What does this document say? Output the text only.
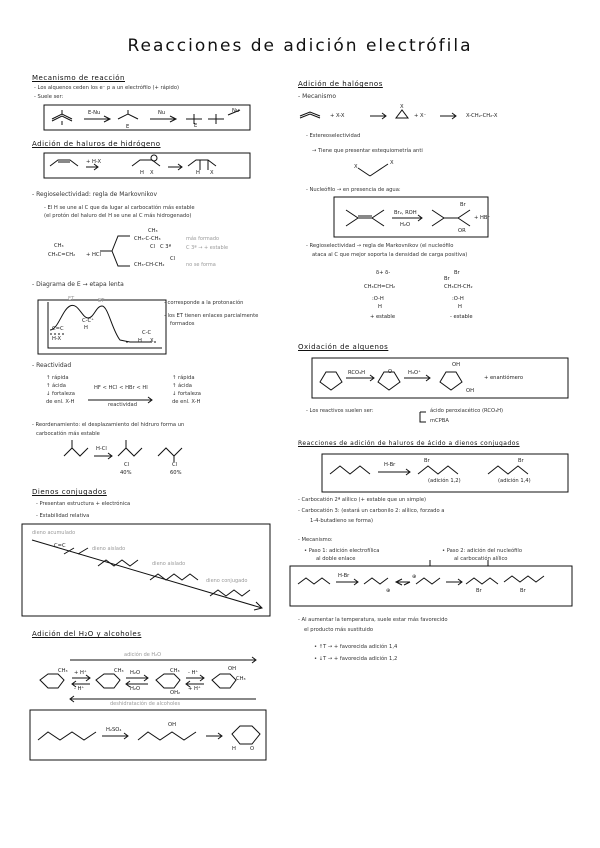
Reacciones de adición electrófila
Mecanismo de reacción
- Los alquenos ceden los e⁻ p a un electrófilo (+ rápido)
- Suele ser:
E-Nu	Nu
E	E
Nu
Adición de haluros de hidrógeno
+ H-X
X
H	H X
- Regioselectividad: regla de Markovnikov
- El H se une al C que da lugar al carbocatión más estable
(el protón del haluro del H se une al C más hidrogenado)
CH₃
CH₃C=CH₂ + HCl
CH₃
CH₃-C-CH₃
C 3ª
Cl
CH₃-CH-CH₂
Cl
más formado
C 3ª → + estable
no se forma
- Diagrama de E → etapa lenta
ET	ET
C-C⁺
H
C=C
H-X
C-C
H X
- corresponde a la protonación
- los ET tienen enlaces parcialmente
formados
- Reactividad
↑ rápida
↑ ácida
↓ fortaleza
de enl. X-H
HF < HCl < HBr < HI
reactividad
↑ rápida
↑ ácida
↓ fortaleza
de enl. X-H
- Reordenamiento: el desplazamiento del hidruro forma un
carbocatión más estable
H-Cl
Cl	Cl
40%	60%
Dienos conjugados
- Presentan estructura + electrónica
- Estabilidad relativa
dieno acumulado
C=C	dieno aislado
dieno aislado
dieno conjugado
Adición del H₂O y alcoholes
adición de H₂O
deshidratación de alcoholes
CH₃ + H⁺
- H⁺
CH₃ H₂O
H₂O
CH₃
OH₂
- H⁺
+ H⁺
OH
CH₃
H₂SO₄
OH
H	O
Adición de halógenos
- Mecanismo
+ X-X
X
+ X⁻	X-CH₂-CH₂-X
- Estereoselectividad
→ Tiene que presentar estequiometría anti
X
X
- Nucleófilo → en presencia de agua:
Br₂, ROH
H₂O
Br
OR
+ HBr
- Regioselectividad → regla de Markovnikov (el nucleófilo
ataca al C que mejor soporta la densidad de carga positiva)
δ+ δ-
CH₃CH=CH₂
Br
CH₃CH-CH₂
:O-H
H
+ estable
Br
:O-H
H
- estable
Oxidación de alquenos
RCO₃H	O	H₃O⁺
OH
+ enantiómero
OH
- Los reactivos suelen ser:	ácido peroxiacético (RCO₃H)
mCPBA
Reacciones de adición de haluros de ácido a dienos conjugados
H-Br
Br
(adición 1,2)
Br
(adición 1,4)
- Carbocatión 2ª alílico (+ estable que un simple)
- Carbocatión 3: (estará un carbonilo 2: alílico, forzado a
1-4-butadieno se forma)
- Mecanismo:
• Paso 1: adición electrofílica
al doble enlace
• Paso 2: adición del nucleófilo
al carbocatión alílico
H-Br
⊕
⊕
Br	Br
- Al aumentar la temperatura, suele estar más favorecido
el producto más sustituido
• ↑T → + favorecida adición 1,4
• ↓T → + favorecida adición 1,2
